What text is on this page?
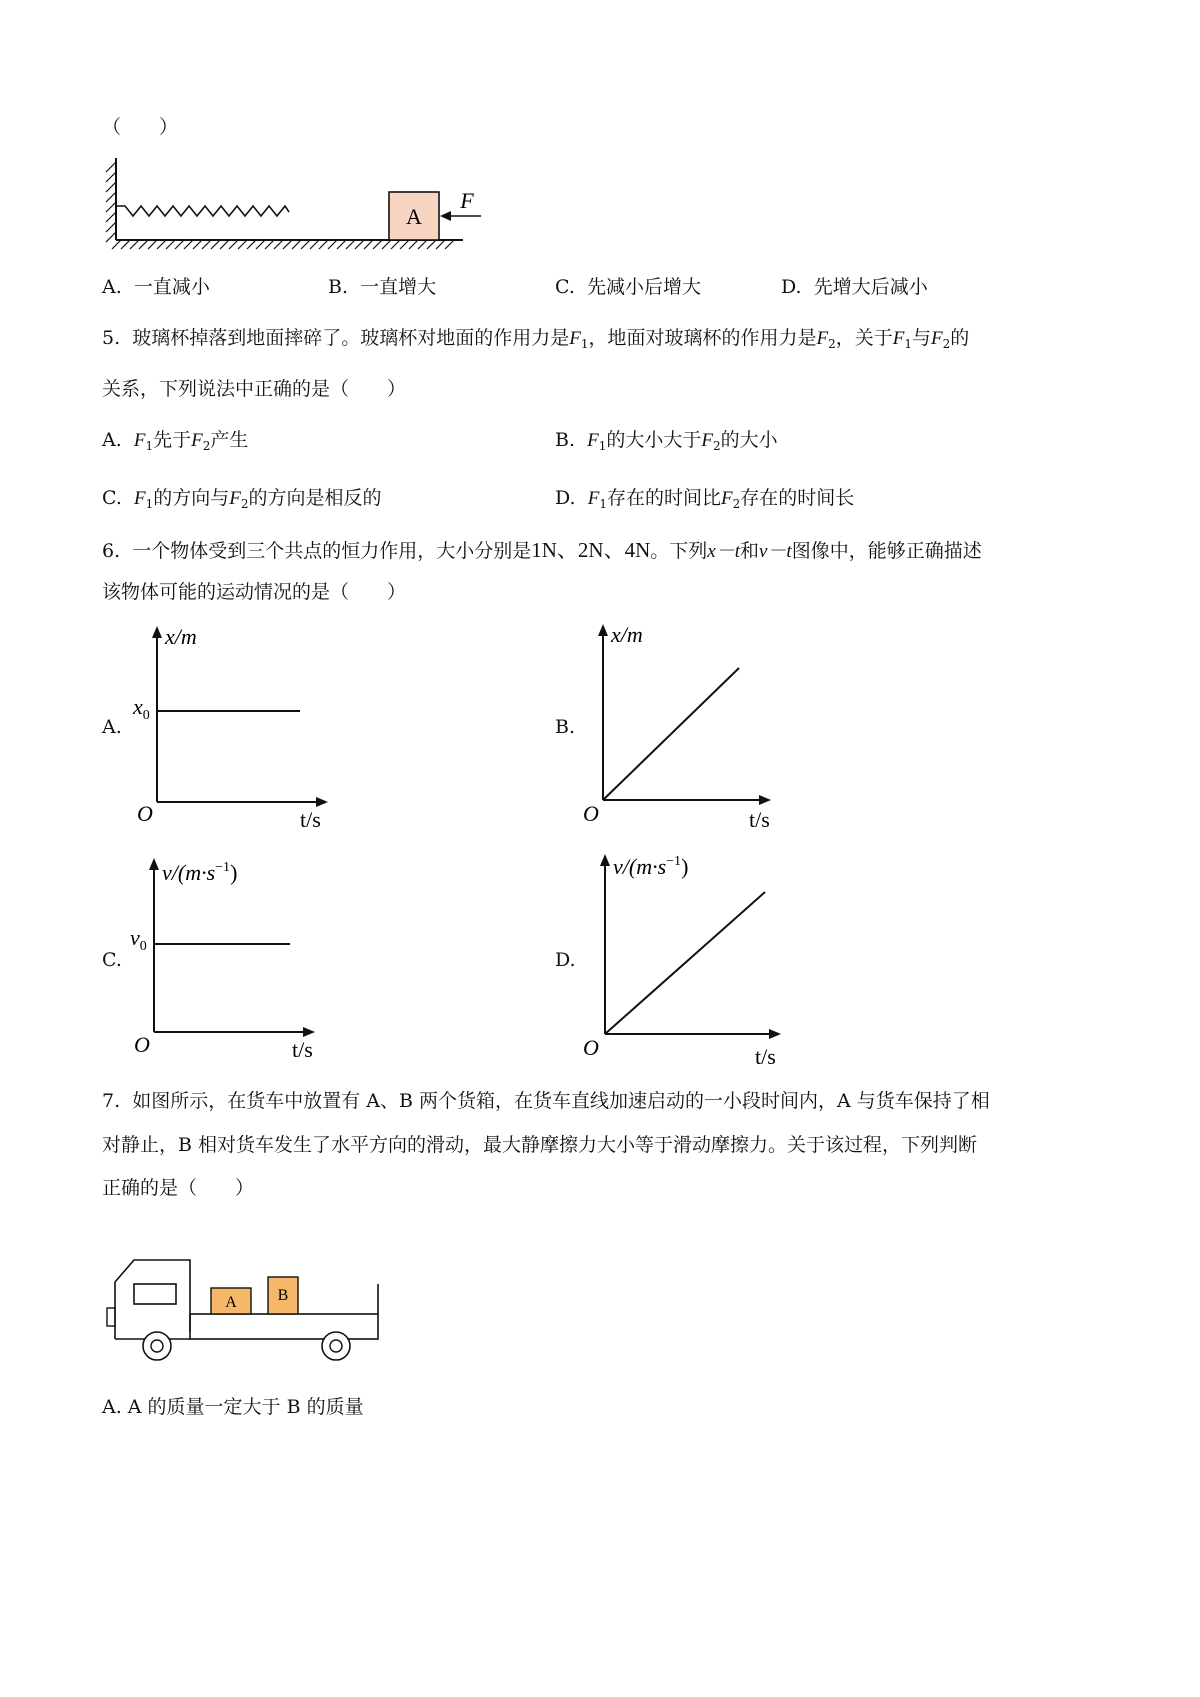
（　　）
A
F
A. 一直减小	B. 一直增大	C. 先减小后增大	D. 先增大后减小
5. 玻璃杯掉落到地面摔碎了。玻璃杯对地面的作用力是$F_1$，地面对玻璃杯的作用力是$F_2$，关于$F_1$与$F_2$的
关系，下列说法中正确的是（　　）
A. $F_1$先于$F_2$产生	B. $F_1$的大小大于$F_2$的大小
C. $F_1$的方向与$F_2$的方向是相反的	D. $F_1$存在的时间比$F_2$存在的时间长
6. 一个物体受到三个共点的恒力作用，大小分别是1N、2N、4N。下列x－t和v－t图像中，能够正确描述
该物体可能的运动情况的是（　　）
A.
x/m
$x_0$
O	t/s
B.
x/m
O	t/s
C.
$v/(m\cdot s^{-1})$
$v_0$
O	t/s
D.
$v/(m\cdot s^{-1})$
O	t/s
7. 如图所示，在货车中放置有 A、B 两个货箱，在货车直线加速启动的一小段时间内，A 与货车保持了相
对静止，B 相对货车发生了水平方向的滑动，最大静摩擦力大小等于滑动摩擦力。关于该过程，下列判断
正确的是（　　）
A	B
A. A 的质量一定大于 B 的质量
